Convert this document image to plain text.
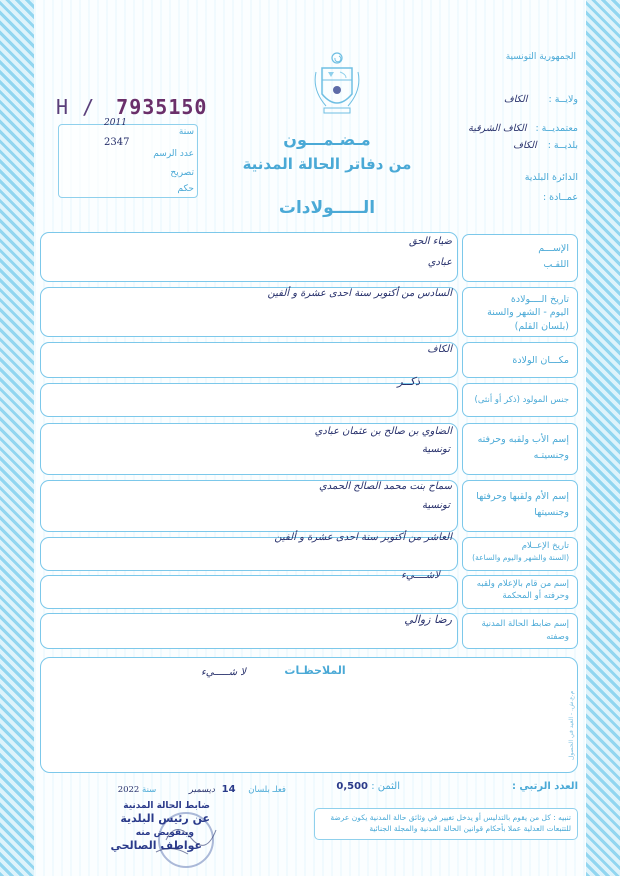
الجمهورية التونسية
ولايــة : الكاف
معتمديــة : الكاف الشرقية
بلديــة : الكاف
الدائرة البلدية
عمــادة :
H / 7935150
2011
سنة
2347
عدد الرسم
تصريح
حكم
مـضـمـــون
من دفاتر الحالة المدنية
الـــــولادات
الإســـم
اللقـب
ضياء الحق
عبادي
تاريخ الــــولادة
اليوم - الشهر والسنة
(بلسان القلم)
السادس من أكتوبر سنة احدى عشرة و ألفين
مكـــان الولادة
الكاف
جنس المولود (ذكر أو أنثى)
ذكــر
إسم الأب ولقبه وحرفته
وجنسيتـه
الضاوي بن صالح بن عثمان عبادي
تونسية
إسم الأم ولقبها وحرفتها
وجنسيتها
سماح بنت محمد الصالح الحمدي
تونسية
تاريخ الإعــلام
(السنة والشهر واليوم والساعة)
العاشر من أكتوبر سنة احدى عشرة و ألفين
إسم من قام بالإعلام ولقبه
وحرفته أو المحكمة
لاشــــيء
إسم ضابط الحالة المدنية
وصفته
رضا زوالي
الملاحظـات
لا شـــــيء
م.ع.ش. - العيد في الحصول
العدد الرتبي :
الثمن : 0,500
فعلـ بلسان 14 ديسمبر سنة 2022
تنبيه : كل من يقوم بالتدليس أو يدخل تغيير في وثائق حالة المدنية يكون عرضة للتتبعات العدلية عملا بأحكام قوانين الحالة المدنية والمجلة الجنائية
ضابط الحالة المدنية
عن رئيس البلدية
وبتفويض منه
عواطف الصالحي
